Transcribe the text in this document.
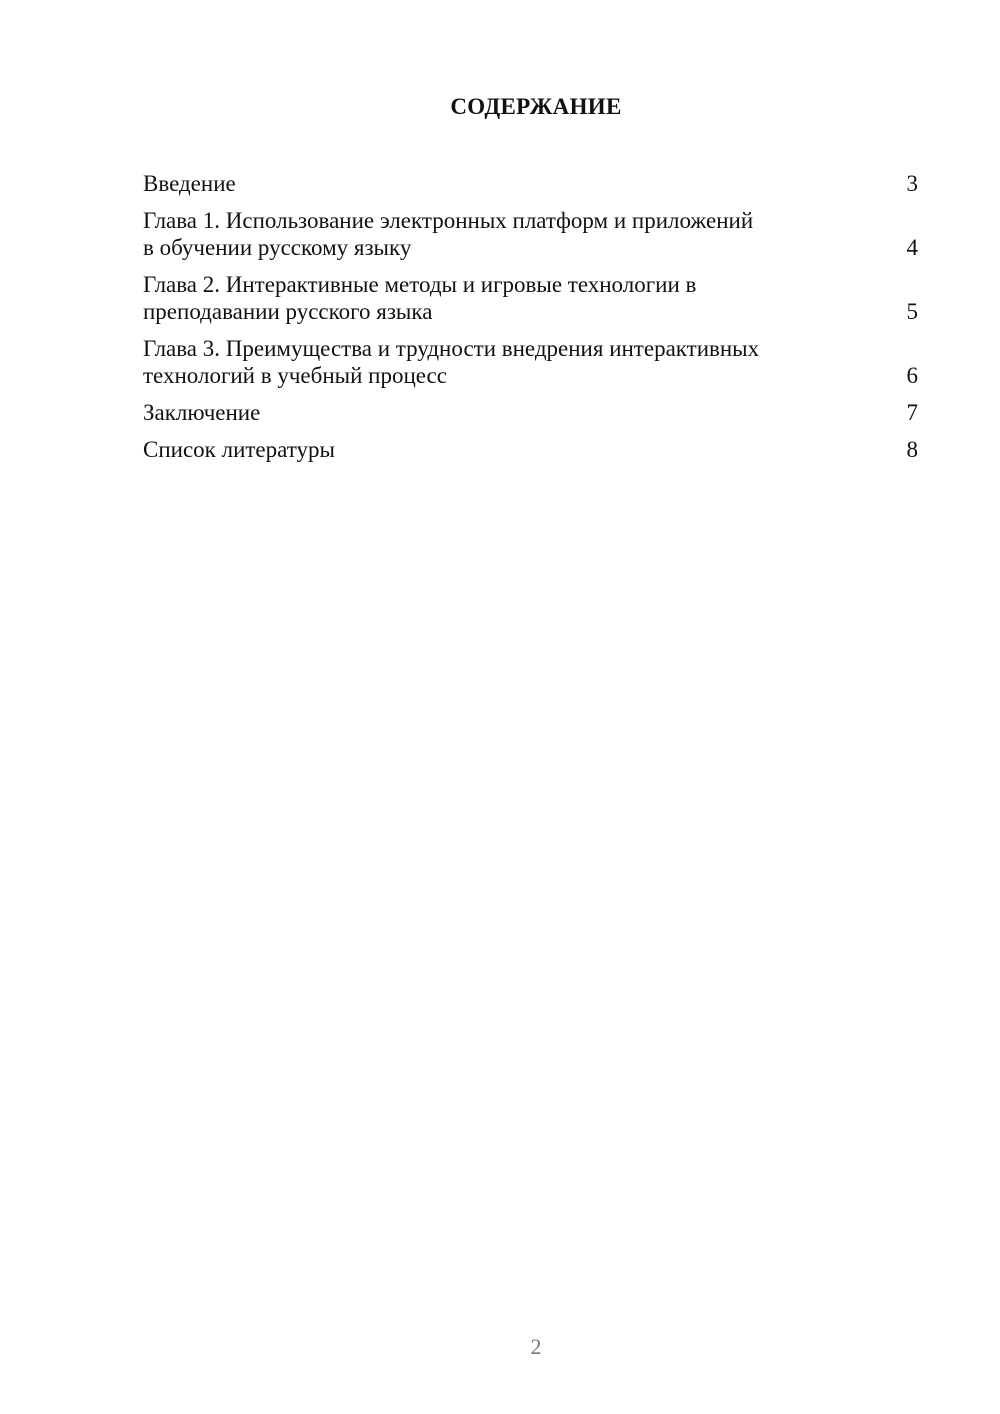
СОДЕРЖАНИЕ
Введение	3
Глава 1. Использование электронных платформ и приложений
в обучении русскому языку	4
Глава 2. Интерактивные методы и игровые технологии в
преподавании русского языка	5
Глава 3. Преимущества и трудности внедрения интерактивных
технологий в учебный процесс	6
Заключение	7
Список литературы	8
2
